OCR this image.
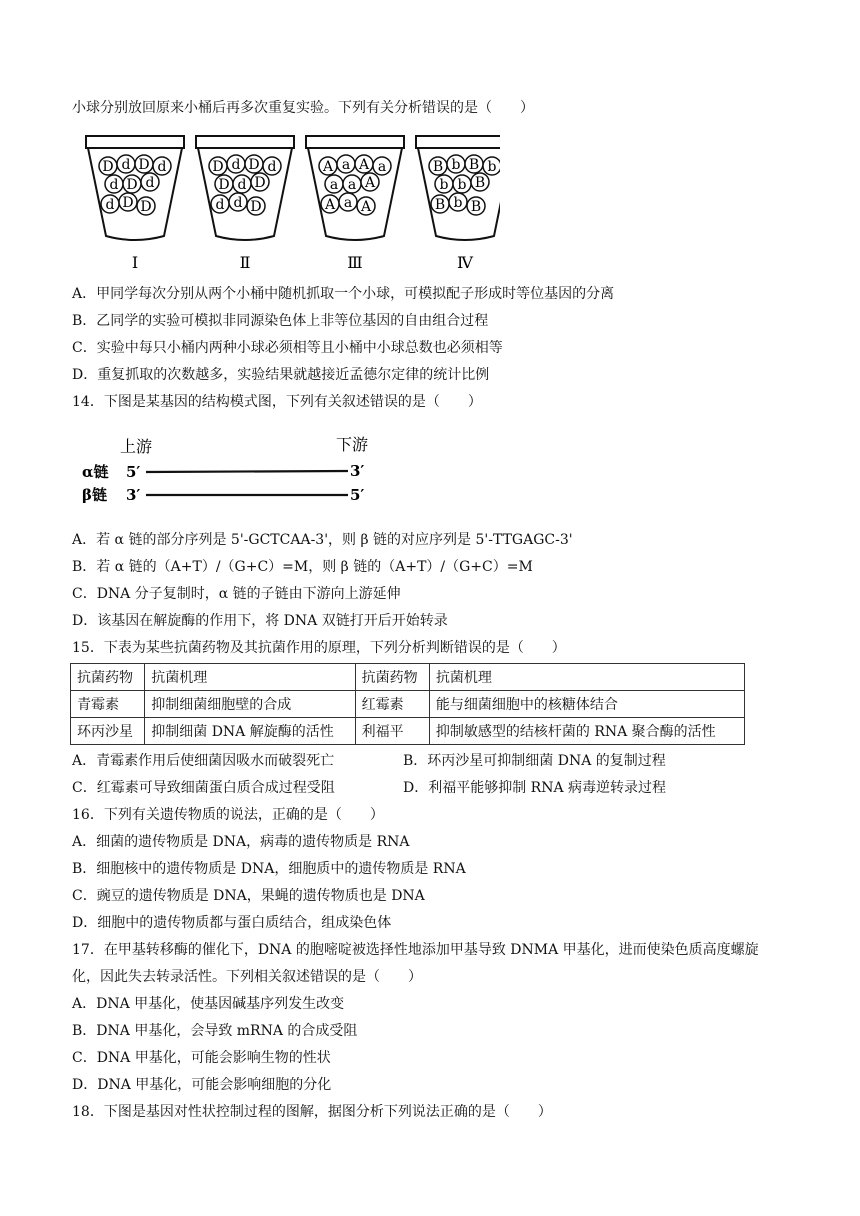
小球分别放回原来小桶后再多次重复实验。下列有关分析错误的是（　　）
D d D d
d D d
d D D
Ⅰ
D d D d
D d D
d d D
Ⅱ
A a A a
a a A
A a A
Ⅲ
B b B b
b b B
B b B
Ⅳ
A．甲同学每次分别从两个小桶中随机抓取一个小球，可模拟配子形成时等位基因的分离
B．乙同学的实验可模拟非同源染色体上非等位基因的自由组合过程
C．实验中每只小桶内两种小球必须相等且小桶中小球总数也必须相等
D．重复抓取的次数越多，实验结果就越接近孟德尔定律的统计比例
14．下图是某基因的结构模式图，下列有关叙述错误的是（　　）
上游	下游
α链
β链
5′	3′
3′	5′
A．若 α 链的部分序列是 5'-GCTCAA-3'，则 β 链的对应序列是 5'-TTGAGC-3'
B．若 α 链的（A+T）/（G+C）=M，则 β 链的（A+T）/（G+C）=M
C．DNA 分子复制时，α 链的子链由下游向上游延伸
D．该基因在解旋酶的作用下，将 DNA 双链打开后开始转录
15．下表为某些抗菌药物及其抗菌作用的原理，下列分析判断错误的是（　　）
抗菌药物	抗菌机理	抗菌药物	抗菌机理
青霉素	抑制细菌细胞壁的合成	红霉素	能与细菌细胞中的核糖体结合
环丙沙星	抑制细菌 DNA 解旋酶的活性	利福平	抑制敏感型的结核杆菌的 RNA 聚合酶的活性
A．青霉素作用后使细菌因吸水而破裂死亡	B．环丙沙星可抑制细菌 DNA 的复制过程
C．红霉素可导致细菌蛋白质合成过程受阻	D．利福平能够抑制 RNA 病毒逆转录过程
16．下列有关遗传物质的说法，正确的是（　　）
A．细菌的遗传物质是 DNA，病毒的遗传物质是 RNA
B．细胞核中的遗传物质是 DNA，细胞质中的遗传物质是 RNA
C．豌豆的遗传物质是 DNA，果蝇的遗传物质也是 DNA
D．细胞中的遗传物质都与蛋白质结合，组成染色体
17．在甲基转移酶的催化下，DNA 的胞嘧啶被选择性地添加甲基导致 DNMA 甲基化，进而使染色质高度螺旋
化，因此失去转录活性。下列相关叙述错误的是（　　）
A．DNA 甲基化，使基因碱基序列发生改变
B．DNA 甲基化，会导致 mRNA 的合成受阻
C．DNA 甲基化，可能会影响生物的性状
D．DNA 甲基化，可能会影响细胞的分化
18．下图是基因对性状控制过程的图解，据图分析下列说法正确的是（　　）
